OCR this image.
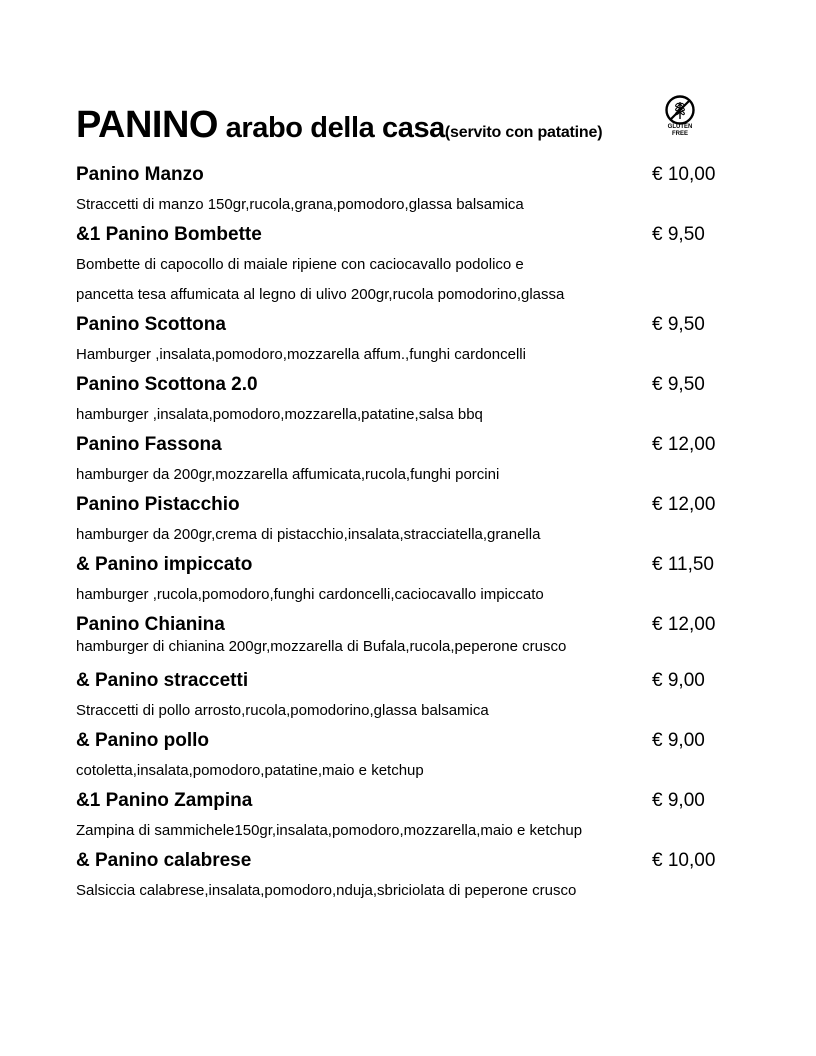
PANINO arabo della casa(servito con patatine)	GLUTEN
FREE
Panino Manzo	€ 10,00
Straccetti di manzo 150gr,rucola,grana,pomodoro,glassa balsamica
&1 Panino Bombette	€ 9,50
Bombette di capocollo di maiale ripiene con caciocavallo podolico e
pancetta tesa affumicata al legno di ulivo 200gr,rucola pomodorino,glassa
Panino Scottona	€ 9,50
Hamburger ,insalata,pomodoro,mozzarella affum.,funghi cardoncelli
Panino Scottona 2.0	€ 9,50
hamburger ,insalata,pomodoro,mozzarella,patatine,salsa bbq
Panino Fassona	€ 12,00
hamburger da 200gr,mozzarella affumicata,rucola,funghi porcini
Panino Pistacchio	€ 12,00
hamburger da 200gr,crema di pistacchio,insalata,stracciatella,granella
& Panino impiccato	€ 11,50
hamburger ,rucola,pomodoro,funghi cardoncelli,caciocavallo impiccato
Panino Chianina	€ 12,00
hamburger di chianina 200gr,mozzarella di Bufala,rucola,peperone crusco
& Panino straccetti	€ 9,00
Straccetti di pollo arrosto,rucola,pomodorino,glassa balsamica
& Panino pollo	€ 9,00
cotoletta,insalata,pomodoro,patatine,maio e ketchup
&1 Panino Zampina	€ 9,00
Zampina di sammichele150gr,insalata,pomodoro,mozzarella,maio e ketchup
& Panino calabrese	€ 10,00
Salsiccia calabrese,insalata,pomodoro,nduja,sbriciolata di peperone crusco
